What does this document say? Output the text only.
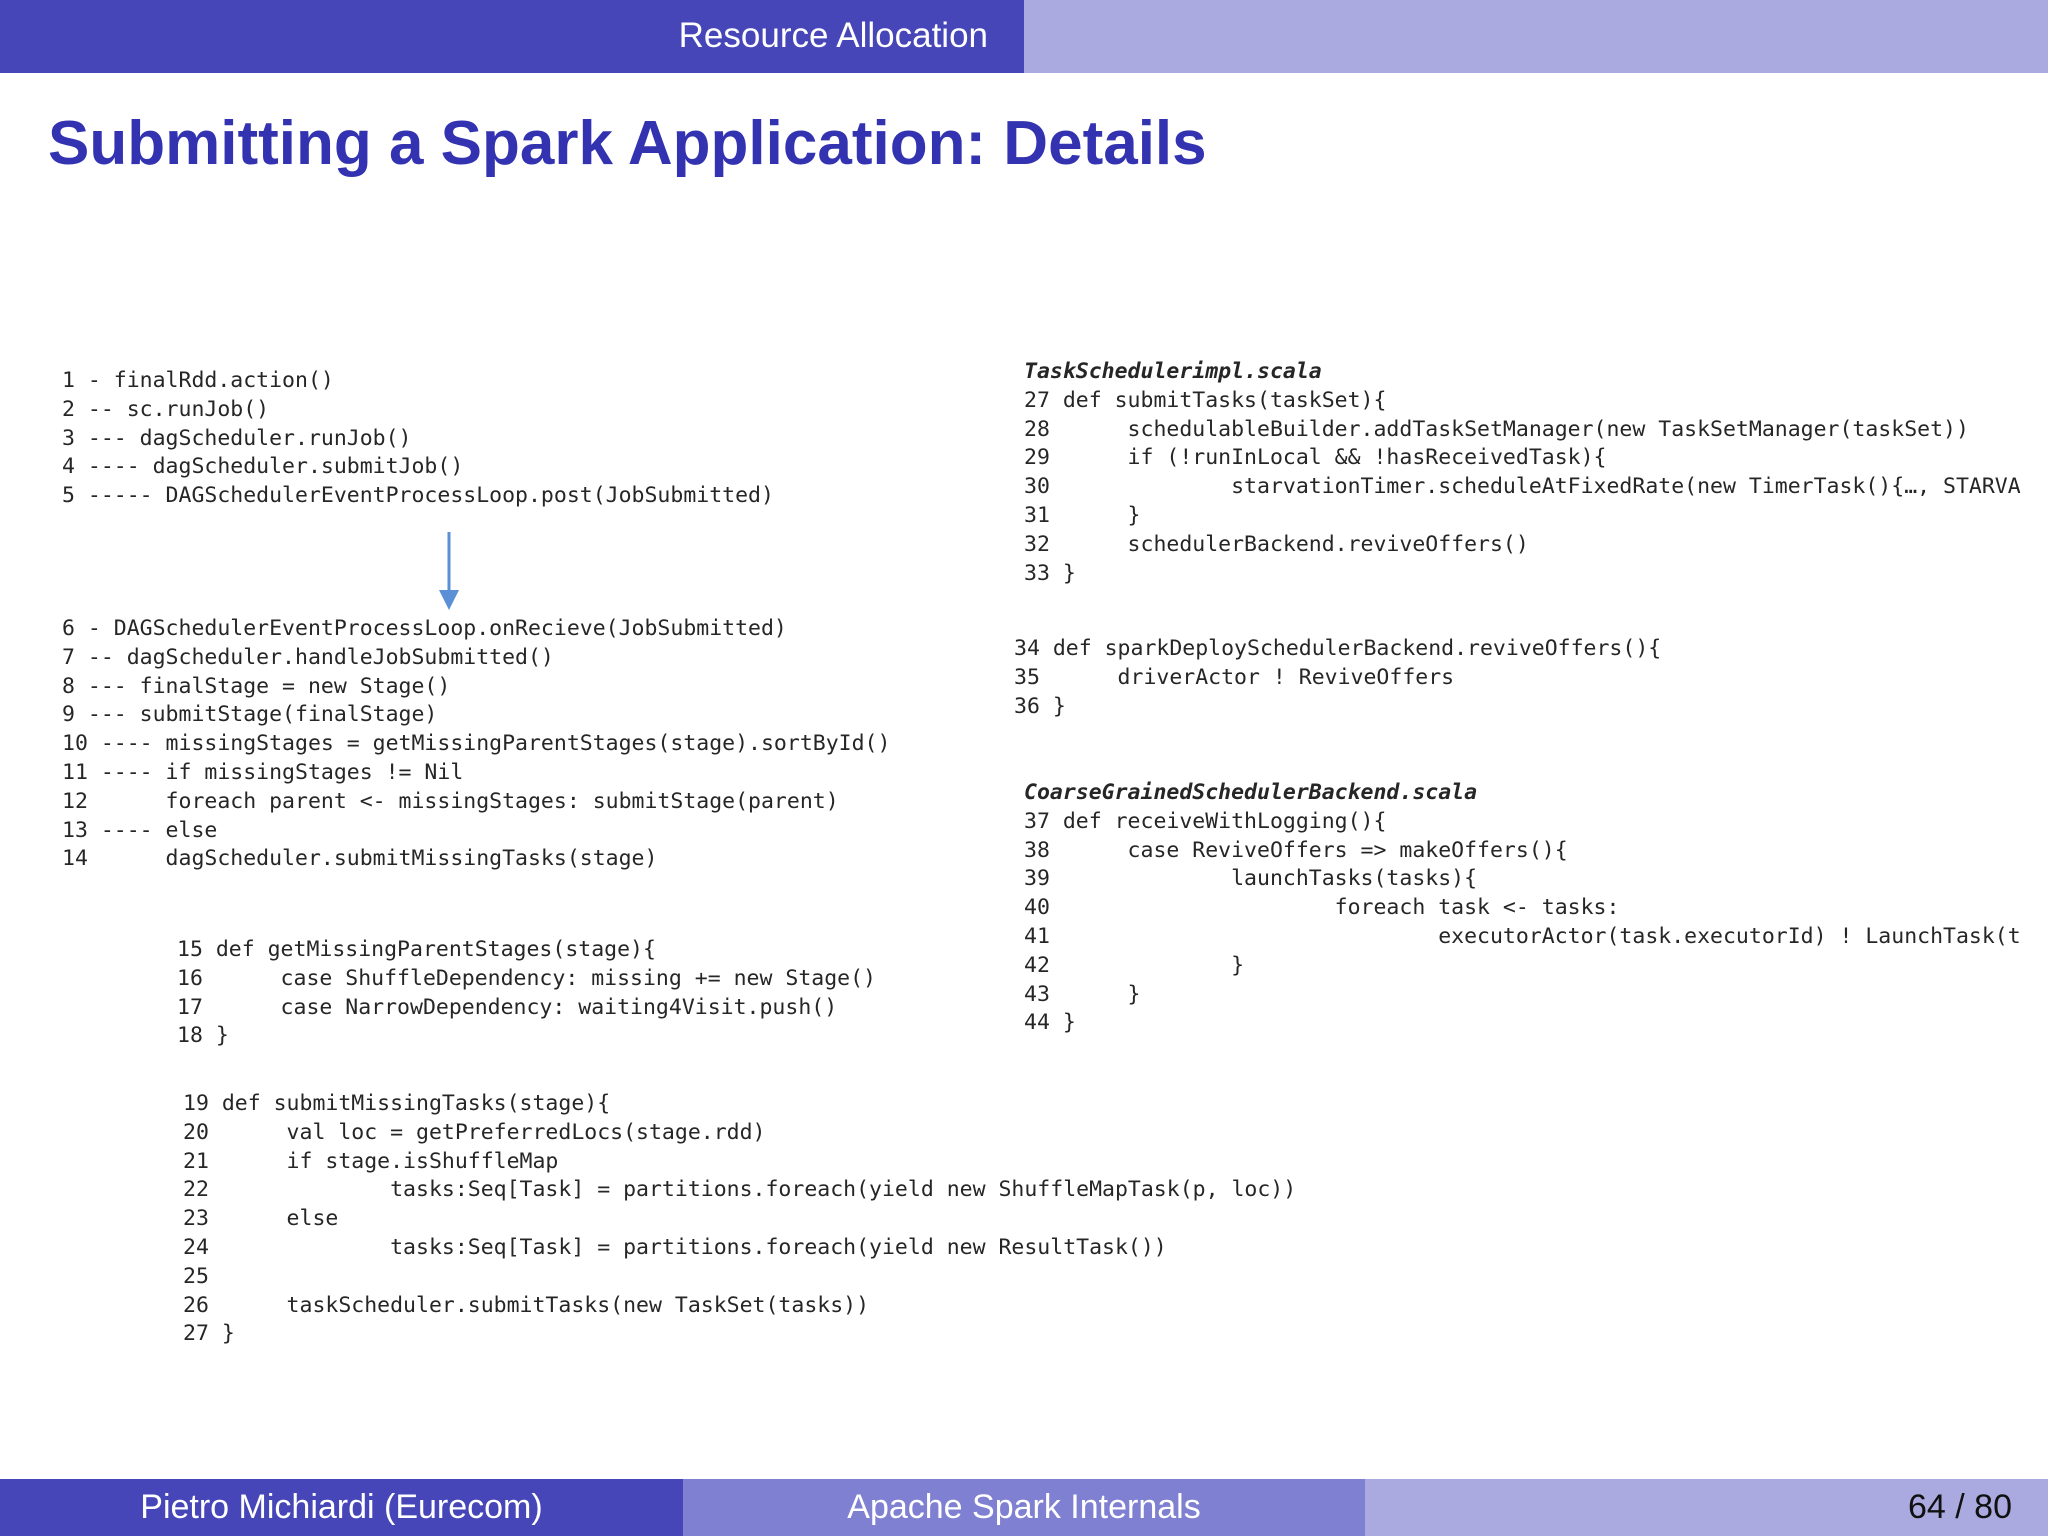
Resource Allocation
Submitting a Spark Application: Details
1 - finalRdd.action()
2 -- sc.runJob()
3 --- dagScheduler.runJob()
4 ---- dagScheduler.submitJob()
5 ----- DAGSchedulerEventProcessLoop.post(JobSubmitted)
6 - DAGSchedulerEventProcessLoop.onRecieve(JobSubmitted)
7 -- dagScheduler.handleJobSubmitted()
8 --- finalStage = new Stage()
9 --- submitStage(finalStage)
10 ---- missingStages = getMissingParentStages(stage).sortById()
11 ---- if missingStages != Nil
12      foreach parent <- missingStages: submitStage(parent)
13 ---- else
14      dagScheduler.submitMissingTasks(stage)
15 def getMissingParentStages(stage){
16      case ShuffleDependency: missing += new Stage()
17      case NarrowDependency: waiting4Visit.push()
18 }
19 def submitMissingTasks(stage){
20      val loc = getPreferredLocs(stage.rdd)
21      if stage.isShuffleMap
22              tasks:Seq[Task] = partitions.foreach(yield new ShuffleMapTask(p, loc))
23      else
24              tasks:Seq[Task] = partitions.foreach(yield new ResultTask())
25
26      taskScheduler.submitTasks(new TaskSet(tasks))
27 }
TaskSchedulerimpl.scala
27 def submitTasks(taskSet){
28      schedulableBuilder.addTaskSetManager(new TaskSetManager(taskSet))
29      if (!runInLocal && !hasReceivedTask){
30              starvationTimer.scheduleAtFixedRate(new TimerTask(){…, STARVA
31      }
32      schedulerBackend.reviveOffers()
33 }
34 def sparkDeploySchedulerBackend.reviveOffers(){
35      driverActor ! ReviveOffers
36 }
CoarseGrainedSchedulerBackend.scala
37 def receiveWithLogging(){
38      case ReviveOffers => makeOffers(){
39              launchTasks(tasks){
40                      foreach task <- tasks:
41                              executorActor(task.executorId) ! LaunchTask(t
42              }
43      }
44 }
Pietro Michiardi (Eurecom)	Apache Spark Internals	64 / 80
